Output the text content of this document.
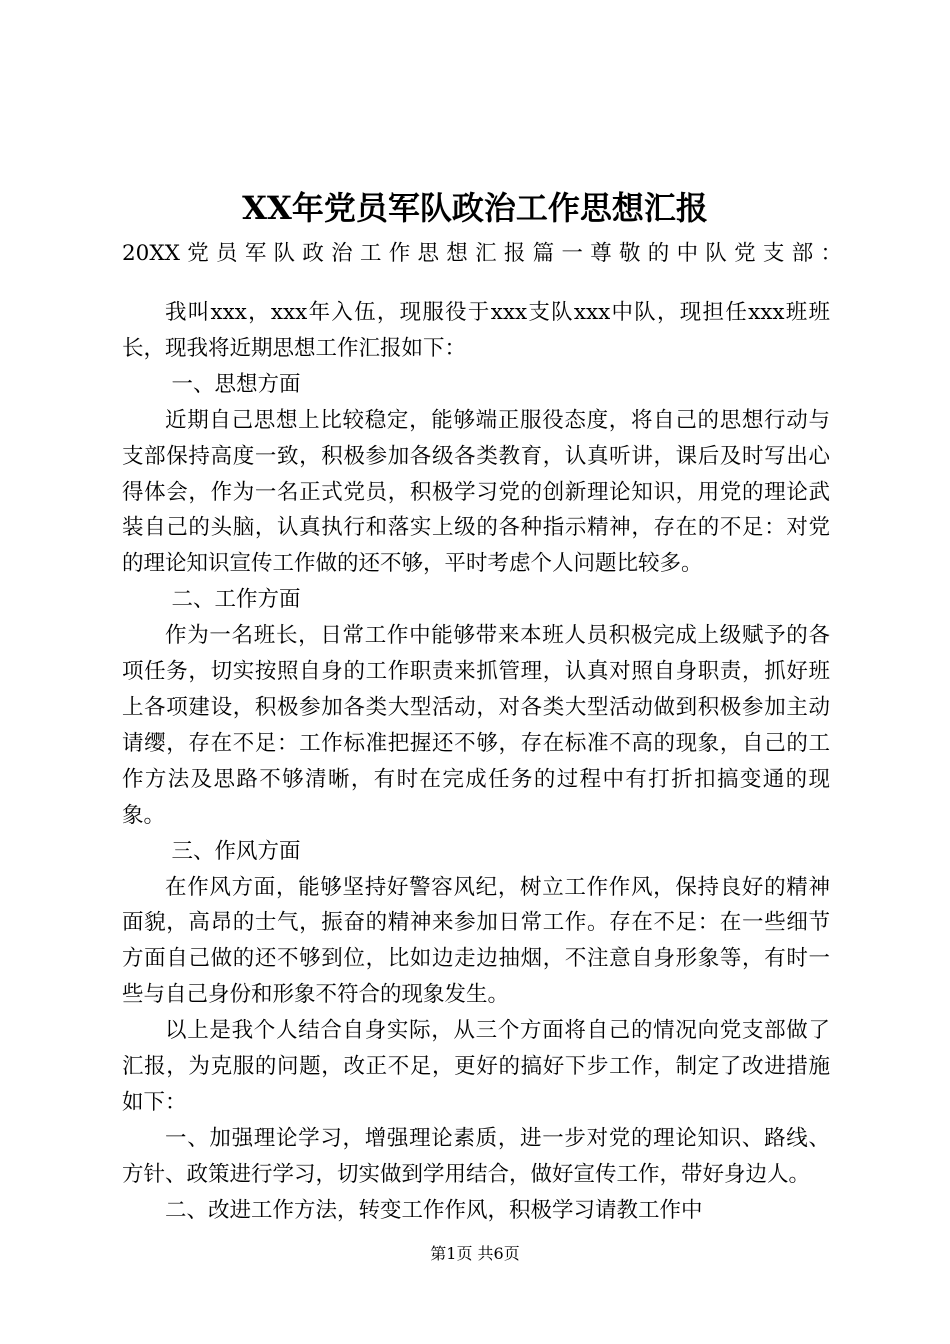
XX年党员军队政治工作思想汇报
20XX党员军队政治工作思想汇报篇一尊敬的中队党支部：

我叫xxx，xxx年入伍，现服役于xxx支队xxx中队，现担任xxx班班长，现我将近期思想工作汇报如下：

一、思想方面

近期自己思想上比较稳定，能够端正服役态度，将自己的思想行动与支部保持高度一致，积极参加各级各类教育，认真听讲，课后及时写出心得体会，作为一名正式党员，积极学习党的创新理论知识，用党的理论武装自己的头脑，认真执行和落实上级的各种指示精神，存在的不足：对党的理论知识宣传工作做的还不够，平时考虑个人问题比较多。

二、工作方面

作为一名班长，日常工作中能够带来本班人员积极完成上级赋予的各项任务，切实按照自身的工作职责来抓管理，认真对照自身职责，抓好班上各项建设，积极参加各类大型活动，对各类大型活动做到积极参加主动请缨，存在不足：工作标准把握还不够，存在标准不高的现象，自己的工作方法及思路不够清晰，有时在完成任务的过程中有打折扣搞变通的现象。

三、作风方面

在作风方面，能够坚持好警容风纪，树立工作作风，保持良好的精神面貌，高昂的士气，振奋的精神来参加日常工作。存在不足：在一些细节方面自己做的还不够到位，比如边走边抽烟，不注意自身形象等，有时一些与自己身份和形象不符合的现象发生。

以上是我个人结合自身实际，从三个方面将自己的情况向党支部做了汇报，为克服的问题，改正不足，更好的搞好下步工作，制定了改进措施如下：

一、加强理论学习，增强理论素质，进一步对党的理论知识、路线、方针、政策进行学习，切实做到学用结合，做好宣传工作，带好身边人。

二、改进工作方法，转变工作作风，积极学习请教工作中

第1页 共6页
